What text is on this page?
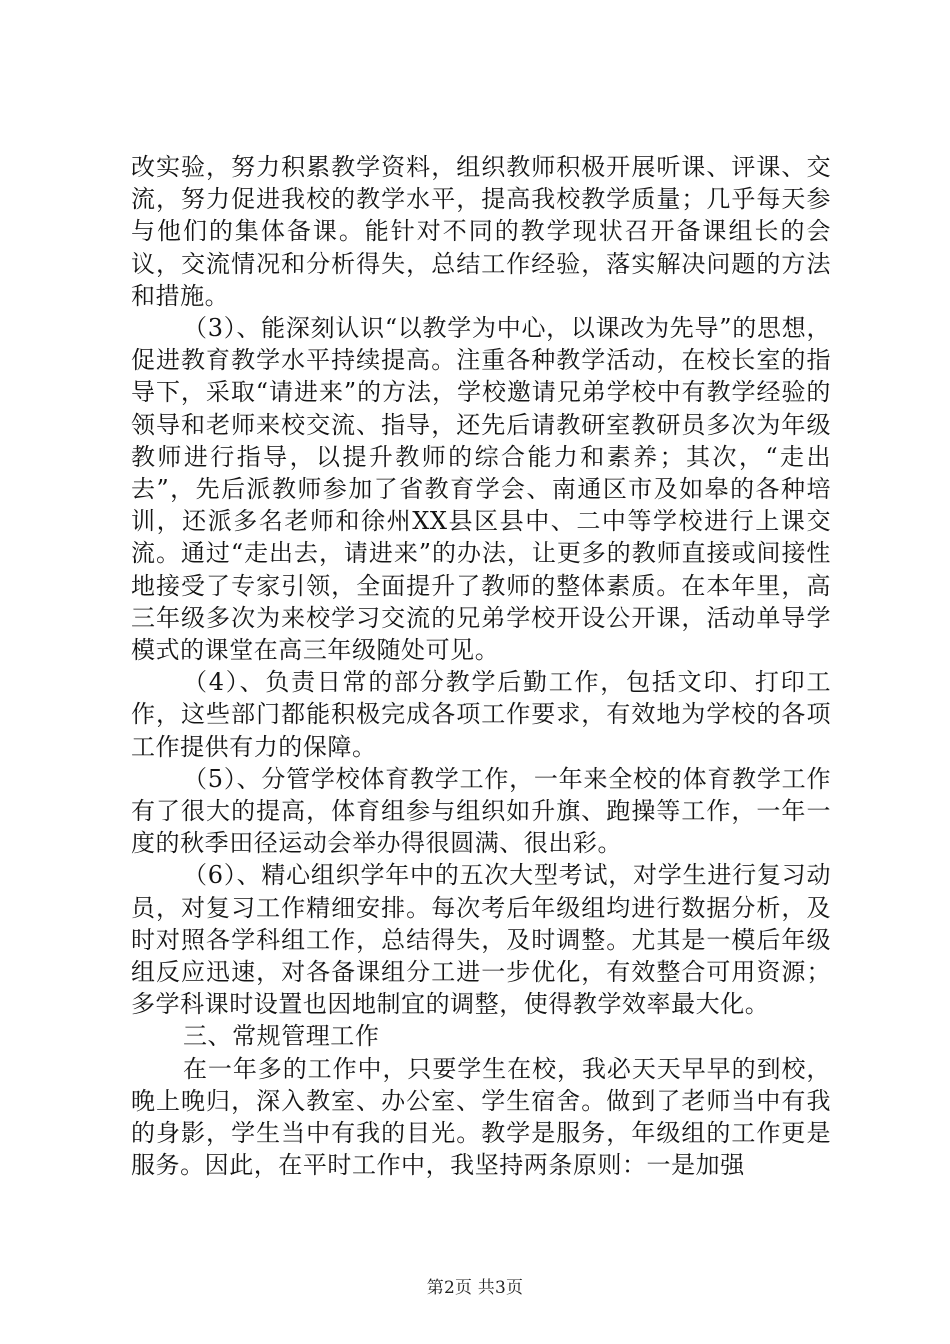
改实验，努力积累教学资料，组织教师积极开展听课、评课、交流，努力促进我校的教学水平，提高我校教学质量；几乎每天参与他们的集体备课。能针对不同的教学现状召开备课组长的会议，交流情况和分析得失，总结工作经验，落实解决问题的方法和措施。

（3）、能深刻认识“以教学为中心，以课改为先导”的思想，促进教育教学水平持续提高。注重各种教学活动，在校长室的指导下，采取“请进来”的方法，学校邀请兄弟学校中有教学经验的领导和老师来校交流、指导，还先后请教研室教研员多次为年级教师进行指导，以提升教师的综合能力和素养；其次，“走出去”，先后派教师参加了省教育学会、南通区市及如皋的各种培训，还派多名老师和徐州XX县区县中、二中等学校进行上课交流。通过“走出去，请进来”的办法，让更多的教师直接或间接性地接受了专家引领，全面提升了教师的整体素质。在本年里，高三年级多次为来校学习交流的兄弟学校开设公开课，活动单导学模式的课堂在高三年级随处可见。

（4）、负责日常的部分教学后勤工作，包括文印、打印工作，这些部门都能积极完成各项工作要求，有效地为学校的各项工作提供有力的保障。

（5）、分管学校体育教学工作，一年来全校的体育教学工作有了很大的提高，体育组参与组织如升旗、跑操等工作，一年一度的秋季田径运动会举办得很圆满、很出彩。

（6）、精心组织学年中的五次大型考试，对学生进行复习动员，对复习工作精细安排。每次考后年级组均进行数据分析，及时对照各学科组工作，总结得失，及时调整。尤其是一模后年级组反应迅速，对各备课组分工进一步优化，有效整合可用资源；多学科课时设置也因地制宜的调整，使得教学效率最大化。

三、常规管理工作

在一年多的工作中，只要学生在校，我必天天早早的到校，晚上晚归，深入教室、办公室、学生宿舍。做到了老师当中有我的身影，学生当中有我的目光。教学是服务，年级组的工作更是服务。因此，在平时工作中，我坚持两条原则：一是加强

第2页 共3页
